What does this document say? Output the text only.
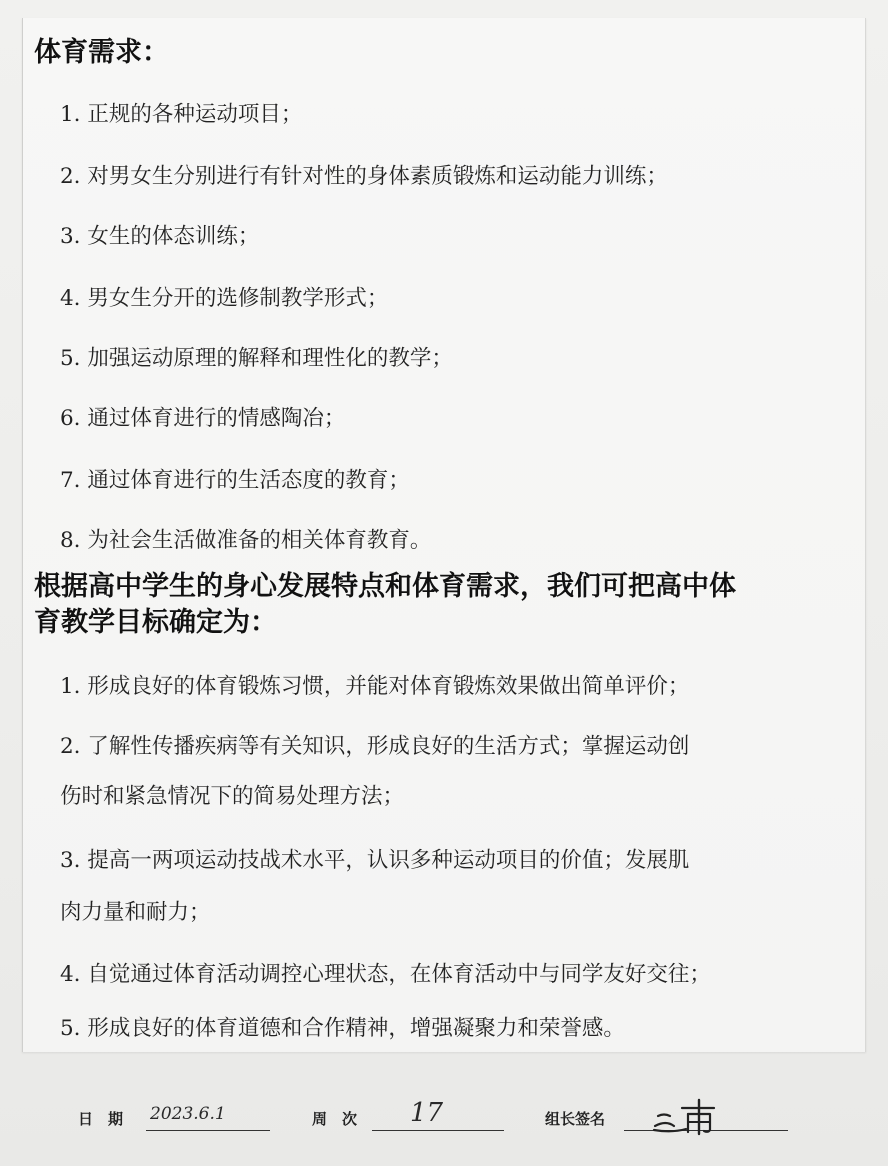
体育需求：

1. 正规的各种运动项目；

2. 对男女生分别进行有针对性的身体素质锻炼和运动能力训练；

3. 女生的体态训练；

4. 男女生分开的选修制教学形式；

5. 加强运动原理的解释和理性化的教学；

6. 通过体育进行的情感陶冶；

7. 通过体育进行的生活态度的教育；

8. 为社会生活做准备的相关体育教育。

根据高中学生的身心发展特点和体育需求，我们可把高中体
育教学目标确定为：

1. 形成良好的体育锻炼习惯，并能对体育锻炼效果做出简单评价；

2. 了解性传播疾病等有关知识，形成良好的生活方式；掌握运动创

伤时和紧急情况下的简易处理方法；

3. 提高一两项运动技战术水平，认识多种运动项目的价值；发展肌

肉力量和耐力；

4. 自觉通过体育活动调控心理状态，在体育活动中与同学友好交往；

5. 形成良好的体育道德和合作精神，增强凝聚力和荣誉感。

日　期 2023.6.1	周　次 17	组长签名
